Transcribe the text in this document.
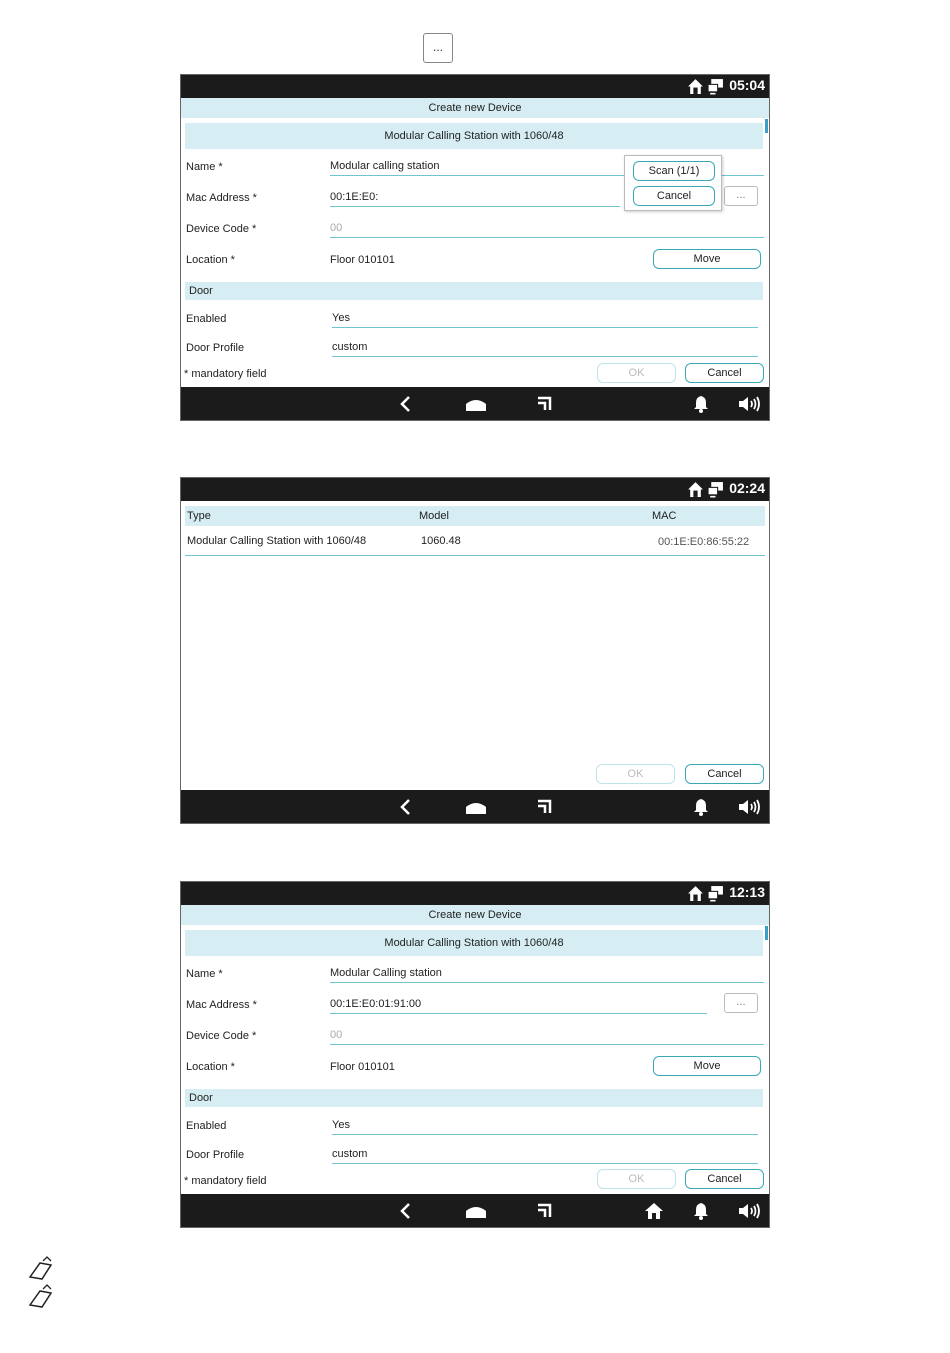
...
05:04
Create new Device
Modular Calling Station with 1060/48
Name *	Modular calling station
Mac Address *	00:1E:E0:	...
Device Code *	00
Location *	Floor 010101	Move
Door
Enabled	Yes
Door Profile	custom
* mandatory field	OK	Cancel
Scan (1/1)
Cancel
02:24
Type	Model	MAC
Modular Calling Station with 1060/48	1060.48	00:1E:E0:86:55:22
OK	Cancel
12:13
Create new Device
Modular Calling Station with 1060/48
Name *	Modular Calling station
Mac Address *	00:1E:E0:01:91:00	...
Device Code *	00
Location *	Floor 010101	Move
Door
Enabled	Yes
Door Profile	custom
* mandatory field	OK	Cancel
